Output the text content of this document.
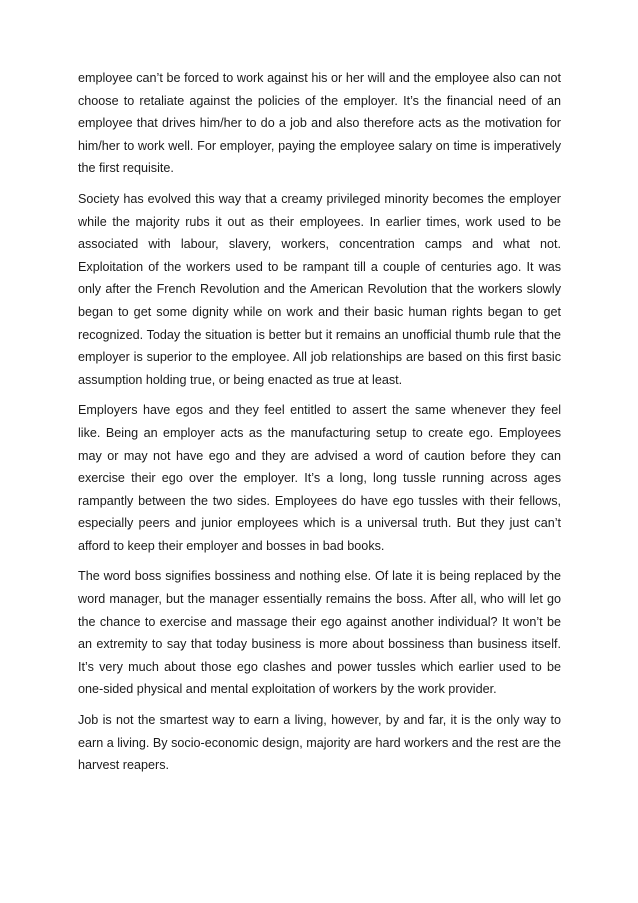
employee can’t be forced to work against his or her will and the employee also can not choose to retaliate against the policies of the employer. It’s the financial need of an employee that drives him/her to do a job and also therefore acts as the motivation for him/her to work well. For employer, paying the employee salary on time is imperatively the first requisite.

Society has evolved this way that a creamy privileged minority becomes the employer while the majority rubs it out as their employees. In earlier times, work used to be associated with labour, slavery, workers, concentration camps and what not. Exploitation of the workers used to be rampant till a couple of centuries ago. It was only after the French Revolution and the American Revolution that the workers slowly began to get some dignity while on work and their basic human rights began to get recognized. Today the situation is better but it remains an unofficial thumb rule that the employer is superior to the employee. All job relationships are based on this first basic assumption holding true, or being enacted as true at least.

Employers have egos and they feel entitled to assert the same whenever they feel like. Being an employer acts as the manufacturing setup to create ego. Employees may or may not have ego and they are advised a word of caution before they can exercise their ego over the employer. It’s a long, long tussle running across ages rampantly between the two sides. Employees do have ego tussles with their fellows, especially peers and junior employees which is a universal truth. But they just can’t afford to keep their employer and bosses in bad books.

The word boss signifies bossiness and nothing else. Of late it is being replaced by the word manager, but the manager essentially remains the boss. After all, who will let go the chance to exercise and massage their ego against another individual? It won’t be an extremity to say that today business is more about bossiness than business itself. It’s very much about those ego clashes and power tussles which earlier used to be one-sided physical and mental exploitation of workers by the work provider.

Job is not the smartest way to earn a living, however, by and far, it is the only way to earn a living. By socio-economic design, majority are hard workers and the rest are the harvest reapers.
